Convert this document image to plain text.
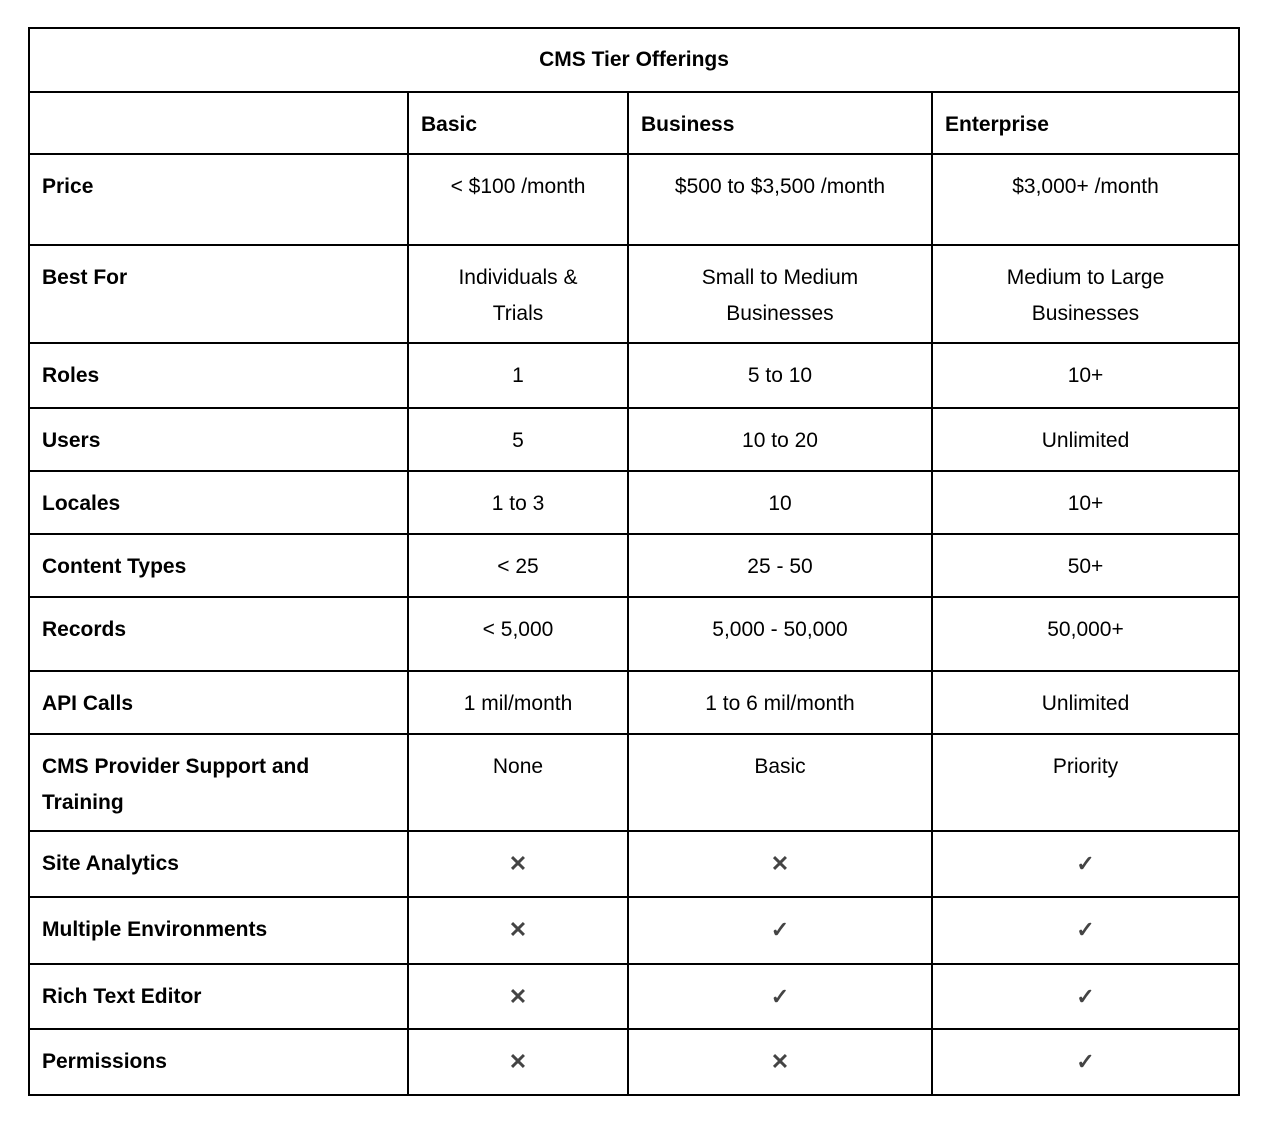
CMS Tier Offerings			
	Basic	Business	Enterprise
Price	< $100 /month	$500 to $3,500 /month	$3,000+ /month
Best For	Individuals & Trials	Small to Medium Businesses	Medium to Large Businesses
Roles	1	5 to 10	10+
Users	5	10 to 20	Unlimited
Locales	1 to 3	10	10+
Content Types	< 25	25 - 50	50+
Records	< 5,000	5,000 - 50,000	50,000+
API Calls	1 mil/month	1 to 6 mil/month	Unlimited
CMS Provider Support and Training	None	Basic	Priority
Site Analytics	✕	✕	✓
Multiple Environments	✕	✓	✓
Rich Text Editor	✕	✓	✓
Permissions	✕	✕	✓
